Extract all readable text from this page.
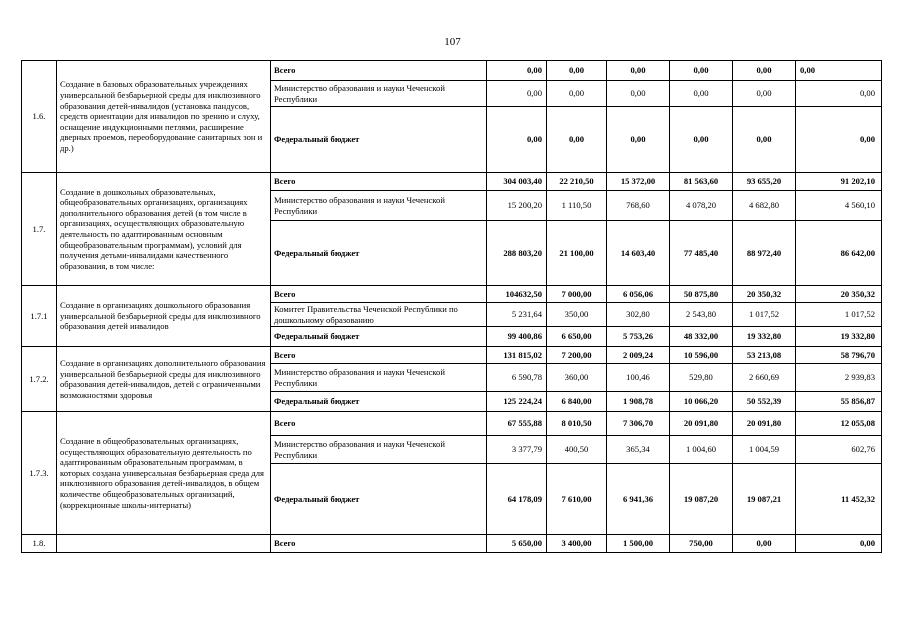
107
1.6.	Создание в базовых образовательных учреждениях универсальной безбарьерной среды для инклюзивного образования детей-инвалидов (установка пандусов, средств ориентации для инвалидов по зрению и слуху, оснащение индукционными петлями, расширение дверных проемов, переоборудование санитарных зон и др.)	Всего	0,00	0,00	0,00	0,00	0,00	0,00
		Министерство образования и науки Чеченской Республики	0,00	0,00	0,00	0,00	0,00	0,00
		Федеральный бюджет	0,00	0,00	0,00	0,00	0,00	0,00
1.7.	Создание в дошкольных образовательных, общеобразовательных организациях, организациях дополнительного образования детей (в том числе в организациях, осуществляющих образовательную деятельность по адаптированным основным общеобразовательным программам), условий для получения детьми-инвалидами качественного образования, в том числе:	Всего	304 003,40	22 210,50	15 372,00	81 563,60	93 655,20	91 202,10
		Министерство образования и науки Чеченской Республики	15 200,20	1 110,50	768,60	4 078,20	4 682,80	4 560,10
		Федеральный бюджет	288 803,20	21 100,00	14 603,40	77 485,40	88 972,40	86 642,00
1.7.1	Создание в организациях дошкольного образования универсальной безбарьерной среды для инклюзивного образования детей инвалидов	Всего	104632,50	7 000,00	6 056,06	50 875,80	20 350,32	20 350,32
		Комитет Правительства Чеченской Республики по дошкольному образованию	5 231,64	350,00	302,80	2 543,80	1 017,52	1 017,52
		Федеральный бюджет	99 400,86	6 650,00	5 753,26	48 332,00	19 332,80	19 332,80
1.7.2.	Создание в организациях дополнительного образования универсальной безбарьерной среды для инклюзивного образования детей-инвалидов, детей с ограниченными возможностями здоровья	Всего	131 815,02	7 200,00	2 009,24	10 596,00	53 213,08	58 796,70
		Министерство образования и науки Чеченской Республики	6 590,78	360,00	100,46	529,80	2 660,69	2 939,83
		Федеральный бюджет	125 224,24	6 840,00	1 908,78	10 066,20	50 552,39	55 856,87
1.7.3.	Создание в общеобразовательных организациях, осуществляющих образовательную деятельность по адаптированным образовательным программам, в которых создана универсальная безбарьерная среда для инклюзивного образования детей-инвалидов, в общем количестве общеобразовательных организаций, (коррекционные школы-интернаты)	Всего	67 555,88	8 010,50	7 306,70	20 091,80	20 091,80	12 055,08
		Министерство образования и науки Чеченской Республики	3 377,79	400,50	365,34	1 004,60	1 004,59	602,76
		Федеральный бюджет	64 178,09	7 610,00	6 941,36	19 087,20	19 087,21	11 452,32
1.8.		Всего	5 650,00	3 400,00	1 500,00	750,00	0,00	0,00
